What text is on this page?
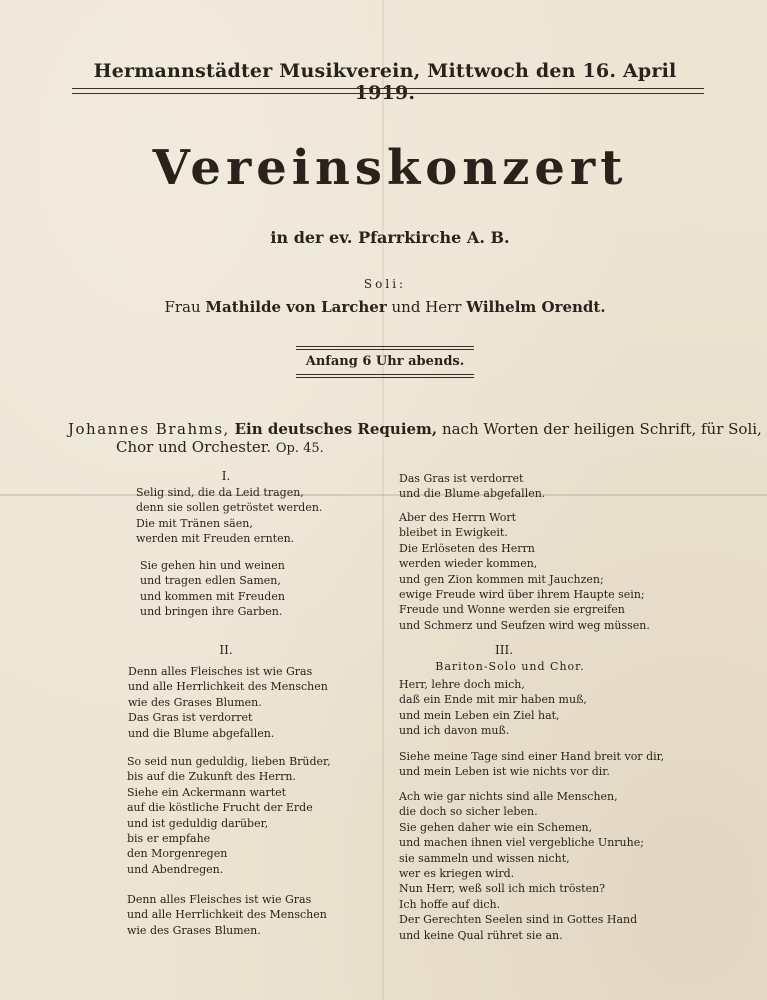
Hermannstädter Musikverein, Mittwoch den 16. April 1919.
Vereinskonzert
in der ev. Pfarrkirche A. B.
Soli:
Frau Mathilde von Larcher und Herr Wilhelm Orendt.
Anfang 6 Uhr abends.
Johannes Brahms, Ein deutsches Requiem, nach Worten der heiligen Schrift, für Soli,
Chor und Orchester. Op. 45.
I.
Selig sind, die da Leid tragen,
denn sie sollen getröstet werden.
Die mit Tränen säen,
werden mit Freuden ernten.
Sie gehen hin und weinen
und tragen edlen Samen,
und kommen mit Freuden
und bringen ihre Garben.
II.
Denn alles Fleisches ist wie Gras
und alle Herrlichkeit des Menschen
wie des Grases Blumen.
Das Gras ist verdorret
und die Blume abgefallen.
So seid nun geduldig, lieben Brüder,
bis auf die Zukunft des Herrn.
Siehe ein Ackermann wartet
auf die köstliche Frucht der Erde
und ist geduldig darüber,
bis er empfahe
den Morgenregen
und Abendregen.
Denn alles Fleisches ist wie Gras
und alle Herrlichkeit des Menschen
wie des Grases Blumen.
Das Gras ist verdorret
und die Blume abgefallen.
Aber des Herrn Wort
bleibet in Ewigkeit.
Die Erlöseten des Herrn
werden wieder kommen,
und gen Zion kommen mit Jauchzen;
ewige Freude wird über ihrem Haupte sein;
Freude und Wonne werden sie ergreifen
und Schmerz und Seufzen wird weg müssen.
III.
Bariton-Solo und Chor.
Herr, lehre doch mich,
daß ein Ende mit mir haben muß,
und mein Leben ein Ziel hat,
und ich davon muß.
Siehe meine Tage sind einer Hand breit vor dir,
und mein Leben ist wie nichts vor dir.
Ach wie gar nichts sind alle Menschen,
die doch so sicher leben.
Sie gehen daher wie ein Schemen,
und machen ihnen viel vergebliche Unruhe;
sie sammeln und wissen nicht,
wer es kriegen wird.
Nun Herr, weß soll ich mich trösten?
Ich hoffe auf dich.
Der Gerechten Seelen sind in Gottes Hand
und keine Qual rühret sie an.
